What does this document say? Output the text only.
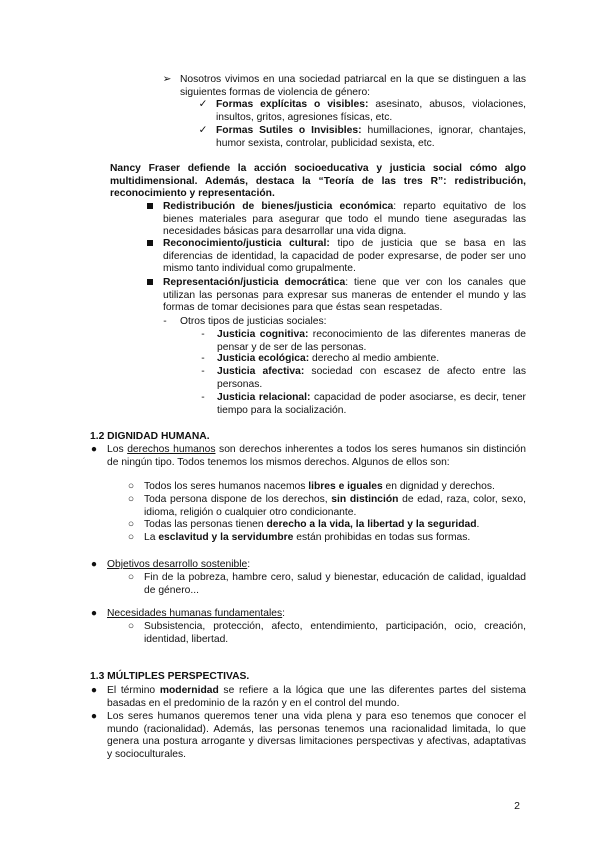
➢ Nosotros vivimos en una sociedad patriarcal en la que se distinguen a las siguientes formas de violencia de género:
✓ Formas explícitas o visibles: asesinato, abusos, violaciones, insultos, gritos, agresiones físicas, etc.
✓ Formas Sutiles o Invisibles: humillaciones, ignorar, chantajes, humor sexista, controlar, publicidad sexista, etc.
Nancy Fraser defiende la acción socioeducativa y justicia social cómo algo multidimensional. Además, destaca la “Teoría de las tres R”: redistribución, reconocimiento y representación.
Redistribución de bienes/justicia económica: reparto equitativo de los bienes materiales para asegurar que todo el mundo tiene aseguradas las necesidades básicas para desarrollar una vida digna.
Reconocimiento/justicia cultural: tipo de justicia que se basa en las diferencias de identidad, la capacidad de poder expresarse, de poder ser uno mismo tanto individual como grupalmente.
Representación/justicia democrática: tiene que ver con los canales que utilizan las personas para expresar sus maneras de entender el mundo y las formas de tomar decisiones para que éstas sean respetadas.
-	Otros tipos de justicias sociales:
-	Justicia cognitiva: reconocimiento de las diferentes maneras de pensar y de ser de las personas.
-	Justicia ecológica: derecho al medio ambiente.
-	Justicia afectiva: sociedad con escasez de afecto entre las personas.
-	Justicia relacional: capacidad de poder asociarse, es decir, tener tiempo para la socialización.
1.2 DIGNIDAD HUMANA.
● Los derechos humanos son derechos inherentes a todos los seres humanos sin distinción de ningún tipo. Todos tenemos los mismos derechos. Algunos de ellos son:
○ Todos los seres humanos nacemos libres e iguales en dignidad y derechos.
○ Toda persona dispone de los derechos, sin distinción de edad, raza, color, sexo, idioma, religión o cualquier otro condicionante.
○ Todas las personas tienen derecho a la vida, la libertad y la seguridad.
○ La esclavitud y la servidumbre están prohibidas en todas sus formas.
● Objetivos desarrollo sostenible:
○ Fin de la pobreza, hambre cero, salud y bienestar, educación de calidad, igualdad de género...
● Necesidades humanas fundamentales:
○ Subsistencia, protección, afecto, entendimiento, participación, ocio, creación, identidad, libertad.
1.3 MÚLTIPLES PERSPECTIVAS.
● El término modernidad se refiere a la lógica que une las diferentes partes del sistema basadas en el predominio de la razón y en el control del mundo.
● Los seres humanos queremos tener una vida plena y para eso tenemos que conocer el mundo (racionalidad). Además, las personas tenemos una racionalidad limitada, lo que genera una postura arrogante y diversas limitaciones perspectivas y afectivas, adaptativas y socioculturales.
2
